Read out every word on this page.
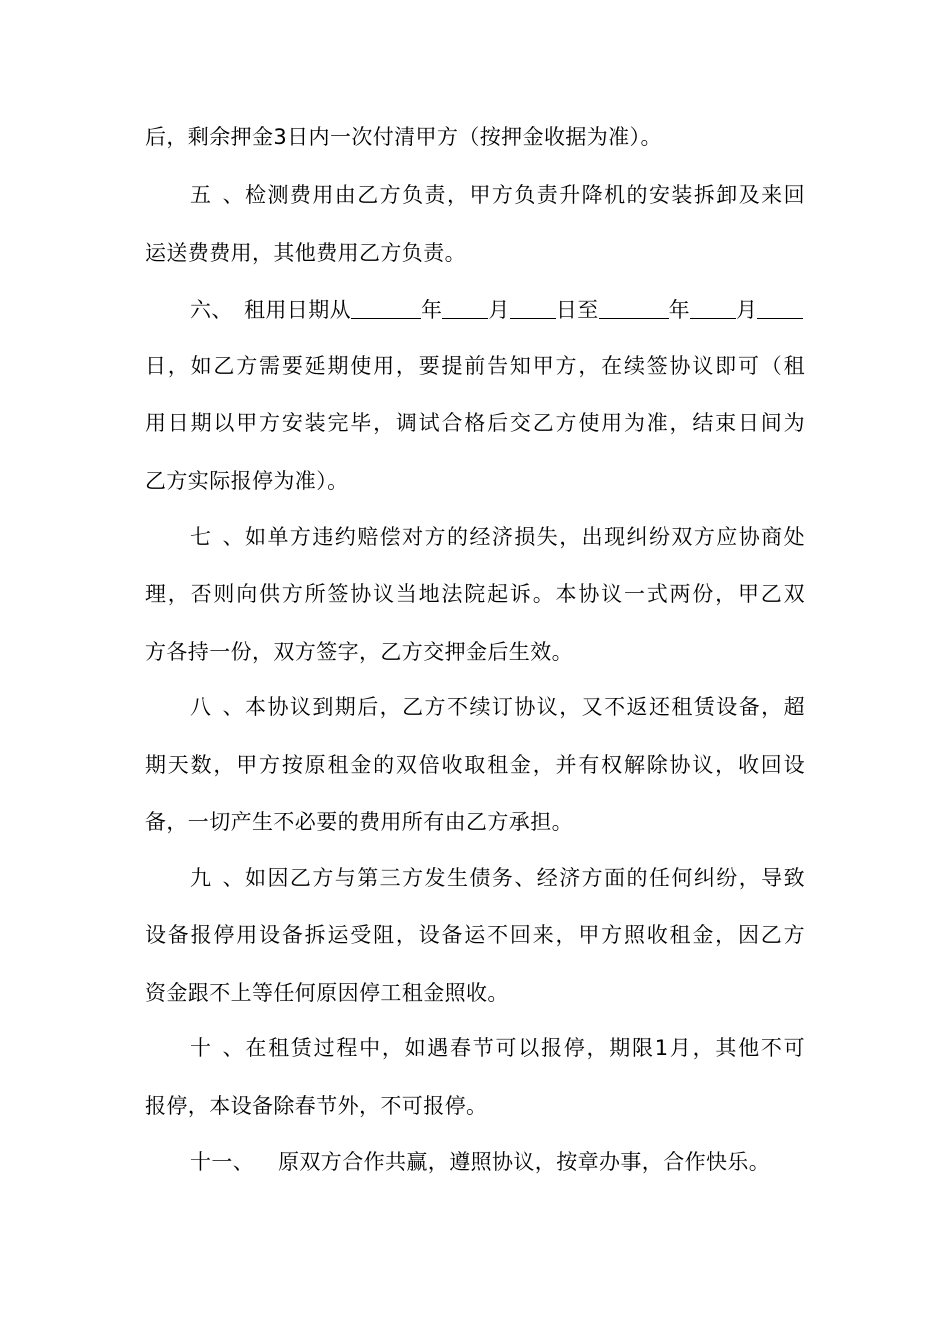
后，剩余押金3日内一次付清甲方（按押金收据为准）。
五、检测费用由乙方负责，甲方负责升降机的安装拆卸及来回
运送费费用，其他费用乙方负责。
六、 租用日期从	年 月 日至	年 月
日，如乙方需要延期使用，要提前告知甲方，在续签协议即可（租
用日期以甲方安装完毕，调试合格后交乙方使用为准，结束日间为
乙方实际报停为准）。
七、如单方违约赔偿对方的经济损失，出现纠纷双方应协商处
理，否则向供方所签协议当地法院起诉。本协议一式两份，甲乙双
方各持一份，双方签字，乙方交押金后生效。
八、本协议到期后，乙方不续订协议，又不返还租赁设备，超
期天数，甲方按原租金的双倍收取租金，并有权解除协议，收回设
备，一切产生不必要的费用所有由乙方承担。
九、如因乙方与第三方发生债务、经济方面的任何纠纷，导致
设备报停用设备拆运受阻，设备运不回来，甲方照收租金，因乙方
资金跟不上等任何原因停工租金照收。
十、在租赁过程中，如遇春节可以报停，期限1月，其他不可
报停，本设备除春节外，不可报停。
十一、 原双方合作共赢，遵照协议，按章办事，合作快乐。
